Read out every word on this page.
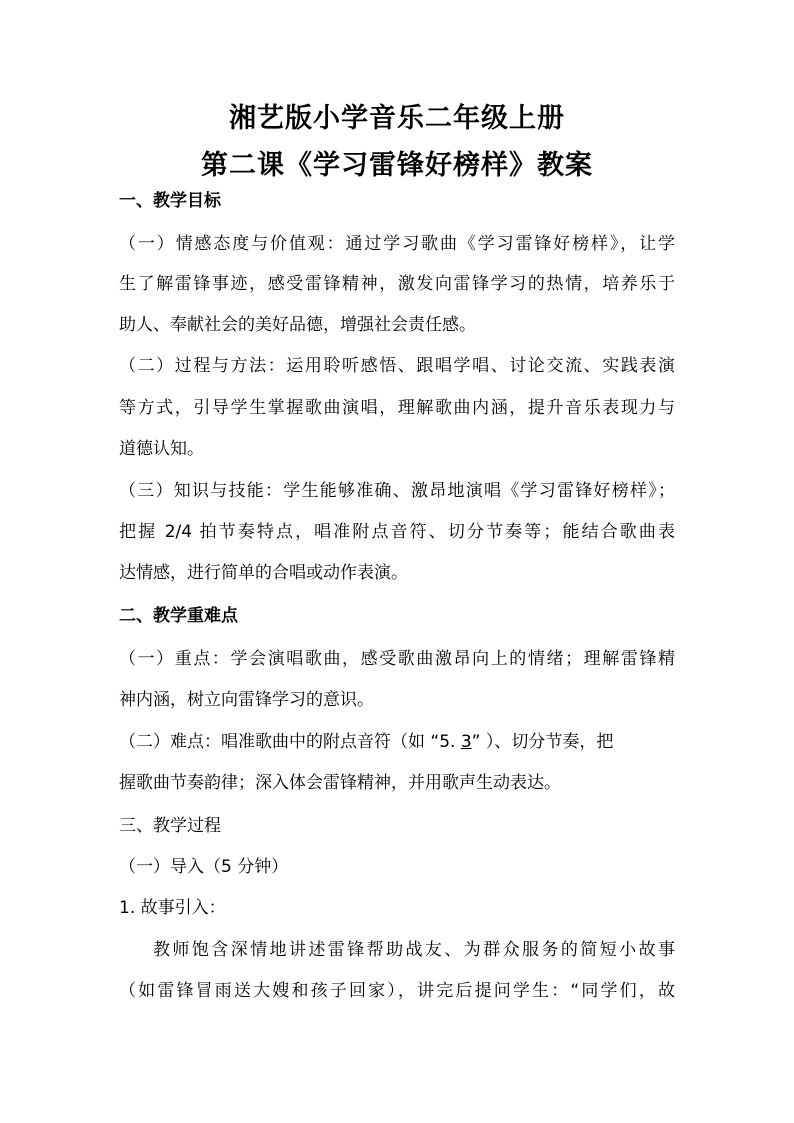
湘艺版小学音乐二年级上册
第二课《学习雷锋好榜样》教案
一、教学目标
（一）情感态度与价值观：通过学习歌曲《学习雷锋好榜样》，让学
生了解雷锋事迹，感受雷锋精神，激发向雷锋学习的热情，培养乐于
助人、奉献社会的美好品德，增强社会责任感。
（二）过程与方法：运用聆听感悟、跟唱学唱、讨论交流、实践表演
等方式，引导学生掌握歌曲演唱，理解歌曲内涵，提升音乐表现力与
道德认知。
（三）知识与技能：学生能够准确、激昂地演唱《学习雷锋好榜样》；
把握 2/4 拍节奏特点，唱准附点音符、切分节奏等；能结合歌曲表
达情感，进行简单的合唱或动作表演。
二、教学重难点
（一）重点：学会演唱歌曲，感受歌曲激昂向上的情绪；理解雷锋精
神内涵，树立向雷锋学习的意识。
（二）难点：唱准歌曲中的附点音符（如 “5. 3” ）、切分节奏，把
握歌曲节奏韵律；深入体会雷锋精神，并用歌声生动表达。
三、教学过程
（一）导入（5 分钟）
1. 故事引入：
教师饱含深情地讲述雷锋帮助战友、为群众服务的简短小故事
（如雷锋冒雨送大嫂和孩子回家），讲完后提问学生：“同学们，故
